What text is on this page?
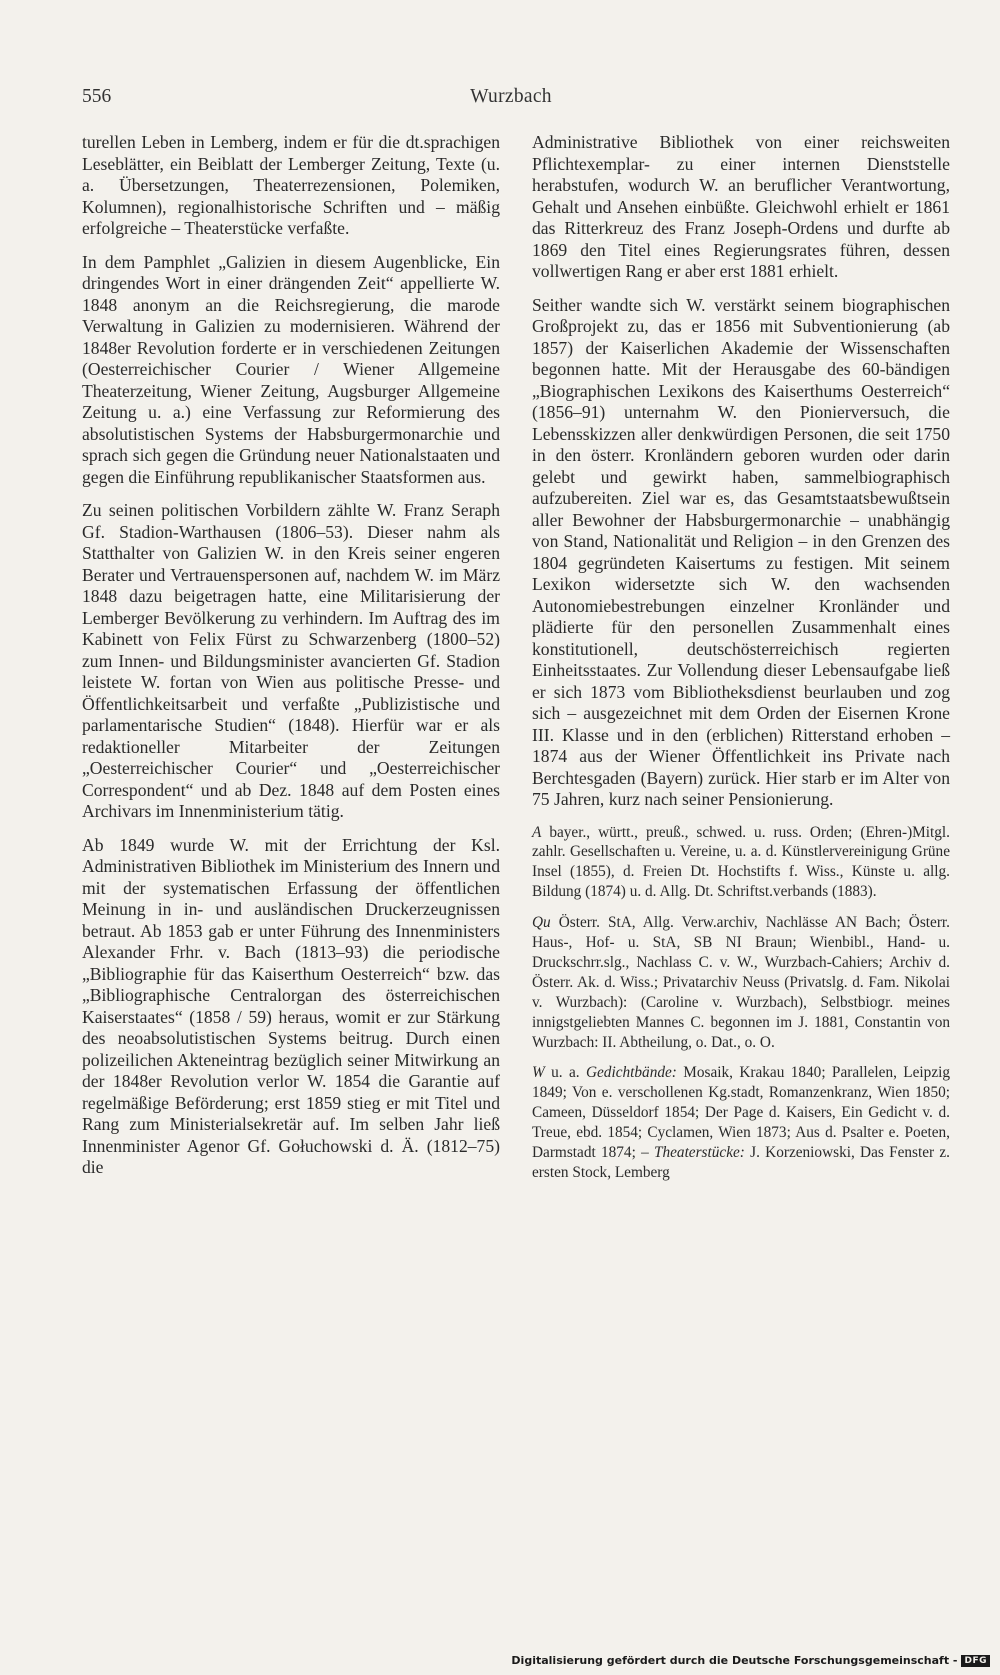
556	Wurzbach

turellen Leben in Lemberg, indem er für die dt.sprachigen Leseblätter, ein Beiblatt der Lemberger Zeitung, Texte (u. a. Übersetzungen, Theaterrezensionen, Polemiken, Kolumnen), regionalhistorische Schriften und – mäßig erfolgreiche – Theaterstücke verfaßte.

In dem Pamphlet „Galizien in diesem Augenblicke, Ein dringendes Wort in einer drängenden Zeit“ appellierte W. 1848 anonym an die Reichsregierung, die marode Verwaltung in Galizien zu modernisieren. Während der 1848er Revolution forderte er in verschiedenen Zeitungen (Oesterreichischer Courier / Wiener Allgemeine Theaterzeitung, Wiener Zeitung, Augsburger Allgemeine Zeitung u. a.) eine Verfassung zur Reformierung des absolutistischen Systems der Habsburgermonarchie und sprach sich gegen die Gründung neuer Nationalstaaten und gegen die Einführung republikanischer Staatsformen aus.

Zu seinen politischen Vorbildern zählte W. Franz Seraph Gf. Stadion-Warthausen (1806–53). Dieser nahm als Statthalter von Galizien W. in den Kreis seiner engeren Berater und Vertrauenspersonen auf, nachdem W. im März 1848 dazu beigetragen hatte, eine Militarisierung der Lemberger Bevölkerung zu verhindern. Im Auftrag des im Kabinett von Felix Fürst zu Schwarzenberg (1800–52) zum Innen- und Bildungsminister avancierten Gf. Stadion leistete W. fortan von Wien aus politische Presse- und Öffentlichkeitsarbeit und verfaßte „Publizistische und parlamentarische Studien“ (1848). Hierfür war er als redaktioneller Mitarbeiter der Zeitungen „Oesterreichischer Courier“ und „Oesterreichischer Correspondent“ und ab Dez. 1848 auf dem Posten eines Archivars im Innenministerium tätig.

Ab 1849 wurde W. mit der Errichtung der Ksl. Administrativen Bibliothek im Ministerium des Innern und mit der systematischen Erfassung der öffentlichen Meinung in in- und ausländischen Druckerzeugnissen betraut. Ab 1853 gab er unter Führung des Innenministers Alexander Frhr. v. Bach (1813–93) die periodische „Bibliographie für das Kaiserthum Oesterreich“ bzw. das „Bibliographische Centralorgan des österreichischen Kaiserstaates“ (1858 / 59) heraus, womit er zur Stärkung des neoabsolutistischen Systems beitrug. Durch einen polizeilichen Akteneintrag bezüglich seiner Mitwirkung an der 1848er Revolution verlor W. 1854 die Garantie auf regelmäßige Beförderung; erst 1859 stieg er mit Titel und Rang zum Ministerialsekretär auf. Im selben Jahr ließ Innenminister Agenor Gf. Gołuchowski d. Ä. (1812–75) die

Administrative Bibliothek von einer reichsweiten Pflichtexemplar- zu einer internen Dienststelle herabstufen, wodurch W. an beruflicher Verantwortung, Gehalt und Ansehen einbüßte. Gleichwohl erhielt er 1861 das Ritterkreuz des Franz Joseph-Ordens und durfte ab 1869 den Titel eines Regierungsrates führen, dessen vollwertigen Rang er aber erst 1881 erhielt.

Seither wandte sich W. verstärkt seinem biographischen Großprojekt zu, das er 1856 mit Subventionierung (ab 1857) der Kaiserlichen Akademie der Wissenschaften begonnen hatte. Mit der Herausgabe des 60-bändigen „Biographischen Lexikons des Kaiserthums Oesterreich“ (1856–91) unternahm W. den Pionierversuch, die Lebensskizzen aller denkwürdigen Personen, die seit 1750 in den österr. Kronländern geboren wurden oder darin gelebt und gewirkt haben, sammelbiographisch aufzubereiten. Ziel war es, das Gesamtstaatsbewußtsein aller Bewohner der Habsburgermonarchie – unabhängig von Stand, Nationalität und Religion – in den Grenzen des 1804 gegründeten Kaisertums zu festigen. Mit seinem Lexikon widersetzte sich W. den wachsenden Autonomiebestrebungen einzelner Kronländer und plädierte für den personellen Zusammenhalt eines konstitutionell, deutschösterreichisch regierten Einheitsstaates. Zur Vollendung dieser Lebensaufgabe ließ er sich 1873 vom Bibliotheksdienst beurlauben und zog sich – ausgezeichnet mit dem Orden der Eisernen Krone III. Klasse und in den (erblichen) Ritterstand erhoben – 1874 aus der Wiener Öffentlichkeit ins Private nach Berchtesgaden (Bayern) zurück. Hier starb er im Alter von 75 Jahren, kurz nach seiner Pensionierung.

A bayer., württ., preuß., schwed. u. russ. Orden; (Ehren-)Mitgl. zahlr. Gesellschaften u. Vereine, u. a. d. Künstlervereinigung Grüne Insel (1855), d. Freien Dt. Hochstifts f. Wiss., Künste u. allg. Bildung (1874) u. d. Allg. Dt. Schriftst.verbands (1883).

Qu Österr. StA, Allg. Verw.archiv, Nachlässe AN Bach; Österr. Haus-, Hof- u. StA, SB NI Braun; Wienbibl., Hand- u. Druckschrr.slg., Nachlass C. v. W., Wurzbach-Cahiers; Archiv d. Österr. Ak. d. Wiss.; Privatarchiv Neuss (Privatslg. d. Fam. Nikolai v. Wurzbach): (Caroline v. Wurzbach), Selbstbiogr. meines innigstgeliebten Mannes C. begonnen im J. 1881, Constantin von Wurzbach: II. Abtheilung, o. Dat., o. O.

W u. a. Gedichtbände: Mosaik, Krakau 1840; Parallelen, Leipzig 1849; Von e. verschollenen Kg.stadt, Romanzenkranz, Wien 1850; Cameen, Düsseldorf 1854; Der Page d. Kaisers, Ein Gedicht v. d. Treue, ebd. 1854; Cyclamen, Wien 1873; Aus d. Psalter e. Poeten, Darmstadt 1874; – Theaterstücke: J. Korzeniowski, Das Fenster z. ersten Stock, Lemberg

Digitalisierung gefördert durch die Deutsche Forschungsgemeinschaft - DFG
